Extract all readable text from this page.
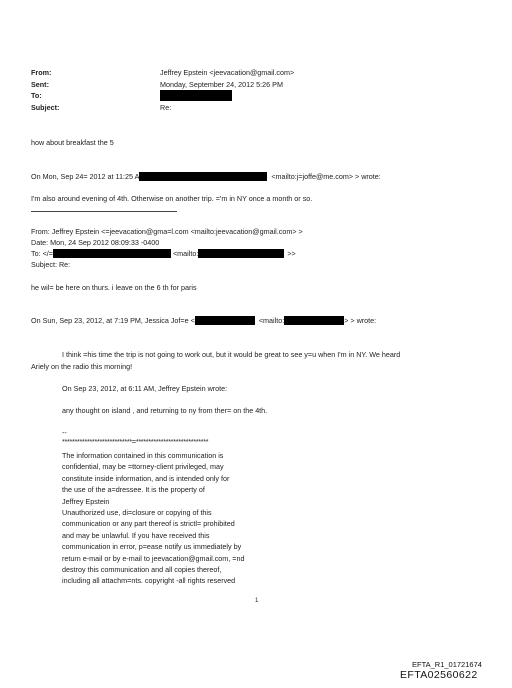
From:	Jeffrey Epstein <jeevacation@gmail.com>
Sent:	Monday, September 24, 2012 5:26 PM
To:
Subject:	Re:
how about breakfast the 5
On Mon, Sep 24= 2012 at 11:25 A	<mailto:j=joffe@me.com> > wrote:
I'm also around evening of 4th. Otherwise on another trip. ='m in NY once a month or so.
From: Jeffrey Epstein <=jeevacation@gma=l.com <mailto:jeevacation@gmail.com> >
Date: Mon, 24 Sep 2012 08:09:33 -0400
To: </=	<mailto:	>>
Subject: Re:
he wil= be here on thurs. i leave on the 6 th for paris
On Sun, Sep 23, 2012, at 7:19 PM, Jessica Jof=e <	<mailto:	> > wrote:
I think =his time the trip is not going to work out, but it would be great to see y=u when I'm in NY. We heard
Ariely on the radio this morning!
On Sep 23, 2012, at 6:11 AM, Jeffrey Epstein wrote:
any thought on island , and returning to ny from ther= on the 4th.
--
****************************=*****************************
The information contained in this communication is
confidential, may be =ttorney-client privileged, may
constitute inside information, and is intended only for
the use of the a=dressee. It is the property of
Jeffrey Epstein
Unauthorized use, di=closure or copying of this
communication or any part thereof is strictl= prohibited
and may be unlawful. If you have received this
communication in error, p=ease notify us immediately by
return e-mail or by e-mail to jeevacation@gmail.com, =nd
destroy this communication and all copies thereof,
including all attachm=nts. copyright -all rights reserved
1
EFTA_R1_01721674
EFTA02560622
